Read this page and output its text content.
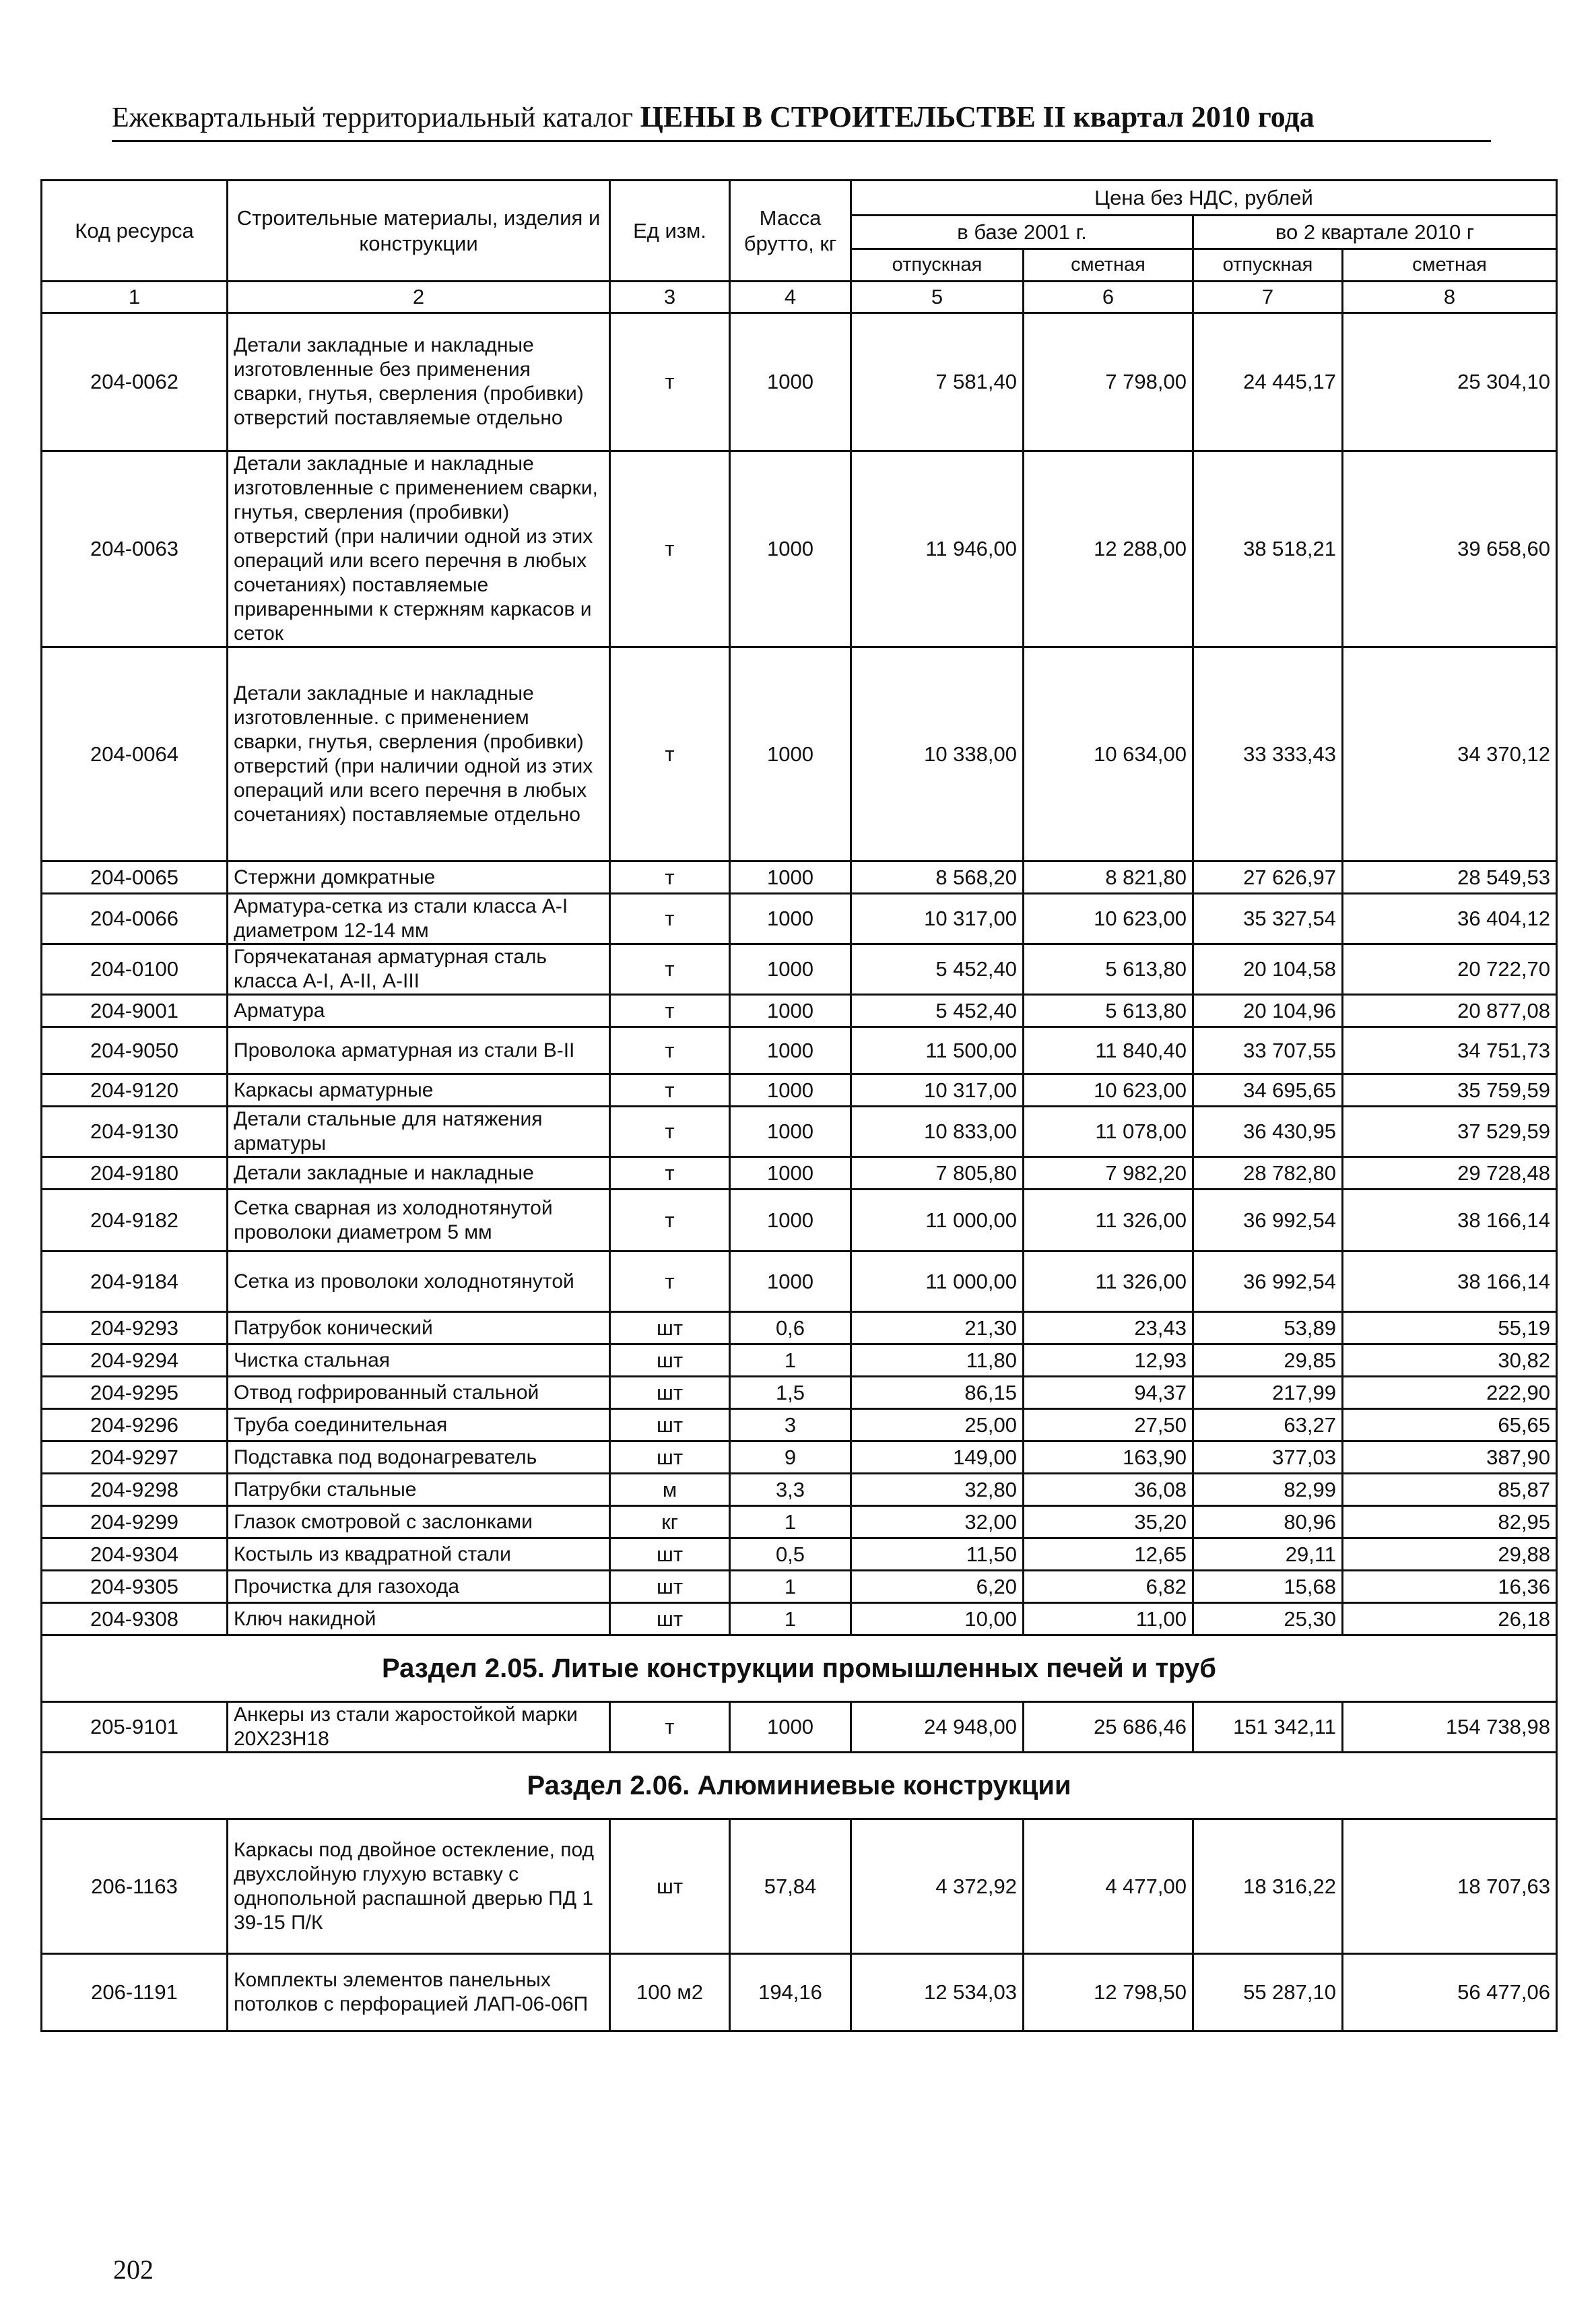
Ежеквартальный территориальный каталог ЦЕНЫ В СТРОИТЕЛЬСТВЕ II квартал 2010 года
Код ресурса	Строительные материалы, изделия и конструкции	Ед изм.	Масса брутто, кг	Цена без НДС, рублей			
				в базе 2001 г.		во 2 квартале 2010 г	
				отпускная	сметная	отпускная	сметная
1	2	3	4	5	6	7	8
204-0062	Детали закладные и накладные изготовленные без применения сварки, гнутья, сверления (пробивки) отверстий поставляемые отдельно	т	1000	7 581,40	7 798,00	24 445,17	25 304,10
204-0063	Детали закладные и накладные изготовленные с применением сварки, гнутья, сверления (пробивки) отверстий (при наличии одной из этих операций или всего перечня в любых сочетаниях) поставляемые приваренными к стержням каркасов и сеток	т	1000	11 946,00	12 288,00	38 518,21	39 658,60
204-0064	Детали закладные и накладные изготовленные. с применением сварки, гнутья, сверления (пробивки) отверстий (при наличии одной из этих операций или всего перечня в любых сочетаниях) поставляемые отдельно	т	1000	10 338,00	10 634,00	33 333,43	34 370,12
204-0065	Стержни домкратные	т	1000	8 568,20	8 821,80	27 626,97	28 549,53
204-0066	Арматура-сетка из стали класса А-I диаметром 12-14 мм	т	1000	10 317,00	10 623,00	35 327,54	36 404,12
204-0100	Горячекатаная арматурная сталь класса А-I, А-II, А-III	т	1000	5 452,40	5 613,80	20 104,58	20 722,70
204-9001	Арматура	т	1000	5 452,40	5 613,80	20 104,96	20 877,08
204-9050	Проволока арматурная из стали В-II	т	1000	11 500,00	11 840,40	33 707,55	34 751,73
204-9120	Каркасы арматурные	т	1000	10 317,00	10 623,00	34 695,65	35 759,59
204-9130	Детали стальные для натяжения арматуры	т	1000	10 833,00	11 078,00	36 430,95	37 529,59
204-9180	Детали закладные и накладные	т	1000	7 805,80	7 982,20	28 782,80	29 728,48
204-9182	Сетка сварная из холоднотянутой проволоки диаметром 5 мм	т	1000	11 000,00	11 326,00	36 992,54	38 166,14
204-9184	Сетка из проволоки холоднотянутой	т	1000	11 000,00	11 326,00	36 992,54	38 166,14
204-9293	Патрубок конический	шт	0,6	21,30	23,43	53,89	55,19
204-9294	Чистка стальная	шт	1	11,80	12,93	29,85	30,82
204-9295	Отвод гофрированный стальной	шт	1,5	86,15	94,37	217,99	222,90
204-9296	Труба соединительная	шт	3	25,00	27,50	63,27	65,65
204-9297	Подставка под водонагреватель	шт	9	149,00	163,90	377,03	387,90
204-9298	Патрубки стальные	м	3,3	32,80	36,08	82,99	85,87
204-9299	Глазок смотровой с заслонками	кг	1	32,00	35,20	80,96	82,95
204-9304	Костыль из квадратной стали	шт	0,5	11,50	12,65	29,11	29,88
204-9305	Прочистка для газохода	шт	1	6,20	6,82	15,68	16,36
204-9308	Ключ накидной	шт	1	10,00	11,00	25,30	26,18
Раздел 2.05. Литые конструкции промышленных печей и труб							
205-9101	Анкеры из стали жаростойкой марки 20Х23Н18	т	1000	24 948,00	25 686,46	151 342,11	154 738,98
Раздел 2.06. Алюминиевые конструкции							
206-1163	Каркасы под двойное остекление, под двухслойную глухую вставку с однопольной распашной дверью ПД 1 39-15 П/К	шт	57,84	4 372,92	4 477,00	18 316,22	18 707,63
206-1191	Комплекты элементов панельных потолков с перфорацией ЛАП-06-06П	100 м2	194,16	12 534,03	12 798,50	55 287,10	56 477,06
202
